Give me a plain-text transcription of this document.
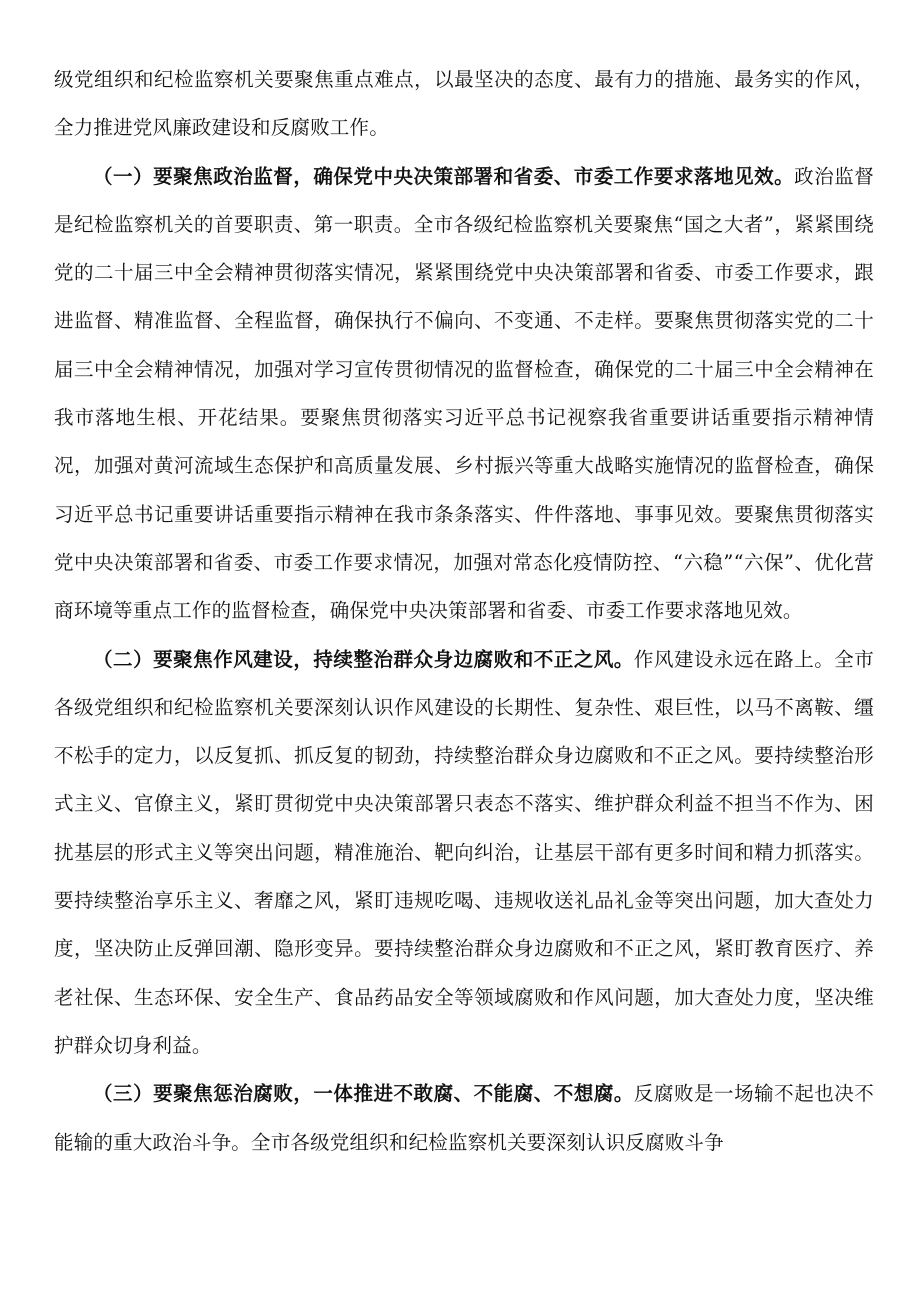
级党组织和纪检监察机关要聚焦重点难点，以最坚决的态度、最有力的措施、最务实的作风，全力推进党风廉政建设和反腐败工作。

（一）要聚焦政治监督，确保党中央决策部署和省委、市委工作要求落地见效。政治监督是纪检监察机关的首要职责、第一职责。全市各级纪检监察机关要聚焦“国之大者”，紧紧围绕党的二十届三中全会精神贯彻落实情况，紧紧围绕党中央决策部署和省委、市委工作要求，跟进监督、精准监督、全程监督，确保执行不偏向、不变通、不走样。要聚焦贯彻落实党的二十届三中全会精神情况，加强对学习宣传贯彻情况的监督检查，确保党的二十届三中全会精神在我市落地生根、开花结果。要聚焦贯彻落实习近平总书记视察我省重要讲话重要指示精神情况，加强对黄河流域生态保护和高质量发展、乡村振兴等重大战略实施情况的监督检查，确保习近平总书记重要讲话重要指示精神在我市条条落实、件件落地、事事见效。要聚焦贯彻落实党中央决策部署和省委、市委工作要求情况，加强对常态化疫情防控、“六稳”“六保”、优化营商环境等重点工作的监督检查，确保党中央决策部署和省委、市委工作要求落地见效。

（二）要聚焦作风建设，持续整治群众身边腐败和不正之风。作风建设永远在路上。全市各级党组织和纪检监察机关要深刻认识作风建设的长期性、复杂性、艰巨性，以马不离鞍、缰不松手的定力，以反复抓、抓反复的韧劲，持续整治群众身边腐败和不正之风。要持续整治形式主义、官僚主义，紧盯贯彻党中央决策部署只表态不落实、维护群众利益不担当不作为、困扰基层的形式主义等突出问题，精准施治、靶向纠治，让基层干部有更多时间和精力抓落实。要持续整治享乐主义、奢靡之风，紧盯违规吃喝、违规收送礼品礼金等突出问题，加大查处力度，坚决防止反弹回潮、隐形变异。要持续整治群众身边腐败和不正之风，紧盯教育医疗、养老社保、生态环保、安全生产、食品药品安全等领域腐败和作风问题，加大查处力度，坚决维护群众切身利益。

（三）要聚焦惩治腐败，一体推进不敢腐、不能腐、不想腐。反腐败是一场输不起也决不能输的重大政治斗争。全市各级党组织和纪检监察机关要深刻认识反腐败斗争
